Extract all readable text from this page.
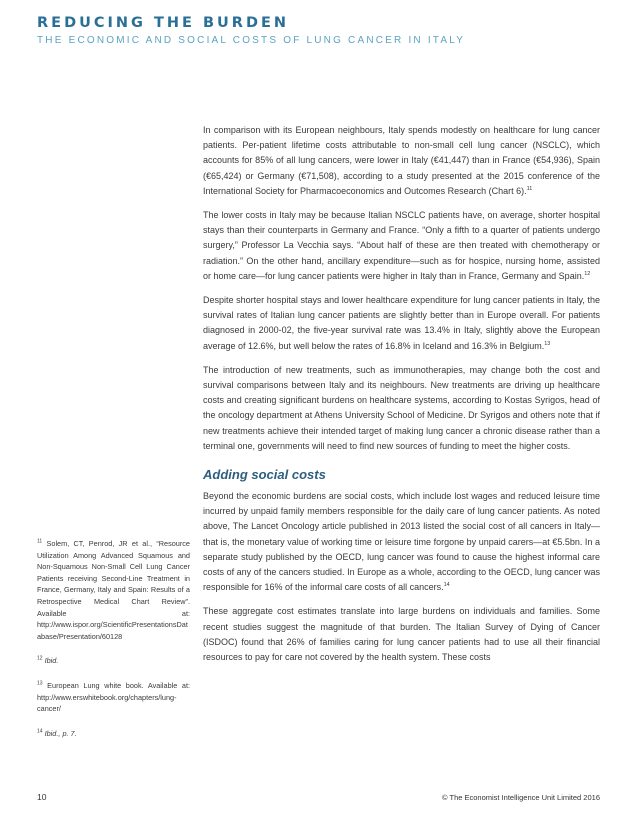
REDUCING THE BURDEN
THE ECONOMIC AND SOCIAL COSTS OF LUNG CANCER IN ITALY

In comparison with its European neighbours, Italy spends modestly on healthcare for lung cancer patients. Per-patient lifetime costs attributable to non-small cell lung cancer (NSCLC), which accounts for 85% of all lung cancers, were lower in Italy (€41,447) than in France (€54,936), Spain (€65,424) or Germany (€71,508), according to a study presented at the 2015 conference of the International Society for Pharmacoeconomics and Outcomes Research (Chart 6).$^{11}$

The lower costs in Italy may be because Italian NSCLC patients have, on average, shorter hospital stays than their counterparts in Germany and France. “Only a fifth to a quarter of patients undergo surgery,” Professor La Vecchia says. “About half of these are then treated with chemotherapy or radiation.” On the other hand, ancillary expenditure—such as for hospice, nursing home, assisted or home care—for lung cancer patients were higher in Italy than in France, Germany and Spain.$^{12}$

Despite shorter hospital stays and lower healthcare expenditure for lung cancer patients in Italy, the survival rates of Italian lung cancer patients are slightly better than in Europe overall. For patients diagnosed in 2000-02, the five-year survival rate was 13.4% in Italy, slightly above the European average of 12.6%, but well below the rates of 16.8% in Iceland and 16.3% in Belgium.$^{13}$

The introduction of new treatments, such as immunotherapies, may change both the cost and survival comparisons between Italy and its neighbours. New treatments are driving up healthcare costs and creating significant burdens on healthcare systems, according to Kostas Syrigos, head of the oncology department at Athens University School of Medicine. Dr Syrigos and others note that if new treatments achieve their intended target of making lung cancer a chronic disease rather than a terminal one, governments will need to find new sources of funding to meet the higher costs.

Adding social costs

Beyond the economic burdens are social costs, which include lost wages and reduced leisure time incurred by unpaid family members responsible for the daily care of lung cancer patients. As noted above, The Lancet Oncology article published in 2013 listed the social cost of all cancers in Italy—that is, the monetary value of working time or leisure time forgone by unpaid carers—at €5.5bn. In a separate study published by the OECD, lung cancer was found to cause the highest informal care costs of any of the cancers studied. In Europe as a whole, according to the OECD, lung cancer was responsible for 16% of the informal care costs of all cancers.$^{14}$

These aggregate cost estimates translate into large burdens on individuals and families. Some recent studies suggest the magnitude of that burden. The Italian Survey of Dying of Cancer (ISDOC) found that 26% of families caring for lung cancer patients had to use all their financial resources to pay for care not covered by the health system. These costs

$^{11}$ Solem, CT, Penrod, JR et al., “Resource Utilization Among Advanced Squamous and Non-Squamous Non-Small Cell Lung Cancer Patients receiving Second-Line Treatment in France, Germany, Italy and Spain: Results of a Retrospective Medical Chart Review”. Available at: http://www.ispor.org/ScientificPresentationsDatabase/Presentation/60128

$^{12}$ Ibid.

$^{13}$ European Lung white book. Available at: http://www.erswhitebook.org/chapters/lung-cancer/

$^{14}$ Ibid., p. 7.

10	© The Economist Intelligence Unit Limited 2016
